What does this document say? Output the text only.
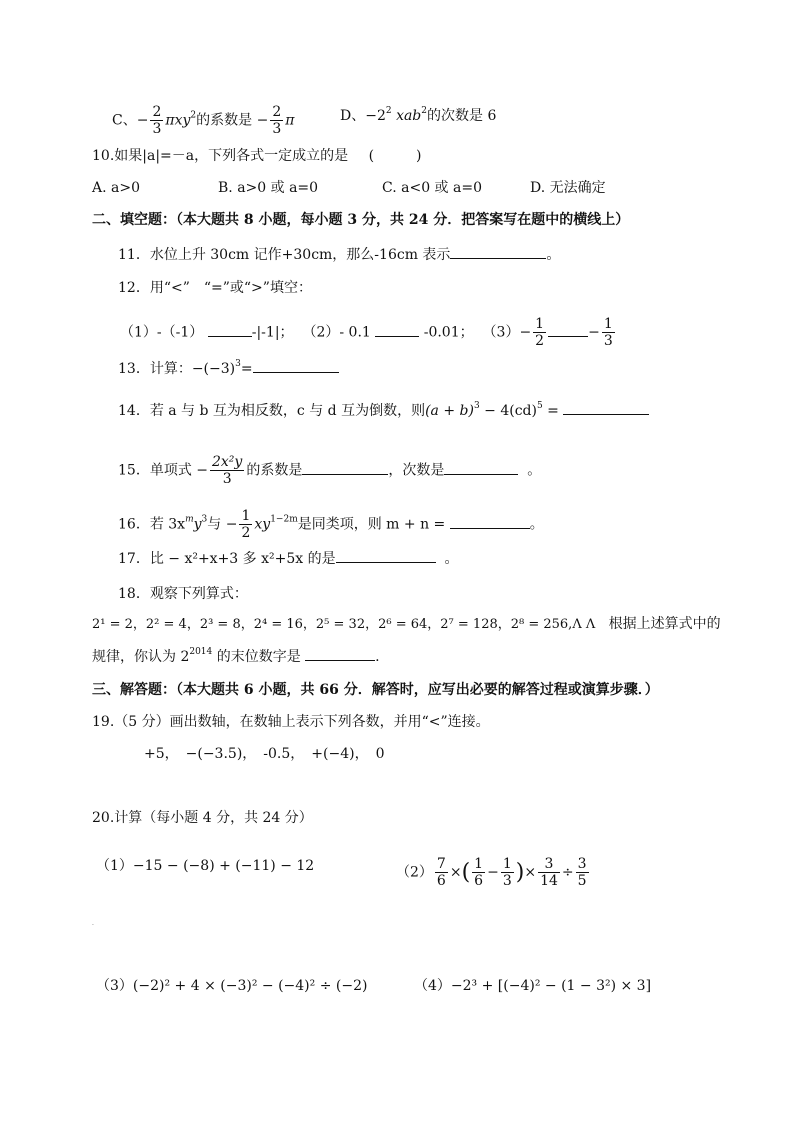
C、− $\frac{2}{3} \pi xy^2$的系数是 − $\frac{2}{3}$ π	D、$-2^2$ xab$^2$的次数是 6
10.如果|a|=－a，下列各式一定成立的是 (　　　)
A. a>0	B. a>0 或 a=0	C. a<0 或 a=0	D. 无法确定
二、填空题：（本大题共 8 小题，每小题 3 分，共 24 分．把答案写在题中的横线上）
11．水位上升 30cm 记作+30cm，那么-16cm 表示	。
12．用“<”　“=”或“>”填空：
（1）-（-1）	-|-1|； （2）- 0.1	-0.01； $(3)- \frac{1}{2}$	− $\frac{1}{3}$
13．计算：$-(-3)^3=$
14．若 a 与 b 互为相反数，c 与 d 互为倒数，则$(a + b)^3 - 4(cd)^5$ =
15．单项式 − $\frac{\text{2x²y}}{3}$ 的系数是	，次数是	。
16．若 $3x^my^3$与 − $\frac{1}{2} xy^{1-2m}$是同类项，则 m + n =	。
17．比 − x²+x+3 多 x²+5x 的是	。
18．观察下列算式：
2¹ = 2，2² = 4，2³ = 8，2⁴ = 16，2⁵ = 32，2⁶ = 64，2⁷ = 128，2⁸ = 256,Λ Λ 根据上述算式中的
规律，你认为 $2^{2014}$ 的末位数字是	.
三、解答题：（本大题共 6 小题，共 66 分．解答时，应写出必要的解答过程或演算步骤．）
19.（5 分）画出数轴，在数轴上表示下列各数，并用“<”连接。
+5，　−(−3.5)，　-0.5，　+(−4)，　0
20.计算（每小题 4 分，共 24 分）
（1）−15 − (−8) + (−11) − 12	$(2) \frac{7}{6}$ ×( $\frac{1}{6} - \frac{1}{3}$ )× $\frac{3}{14} \div \frac{3}{5}$
.
（3）(−2)² + 4 × (−3)² − (−4)² ÷ (−2)	（4）−2³ + [(−4)² − (1 − 3²) × 3]
